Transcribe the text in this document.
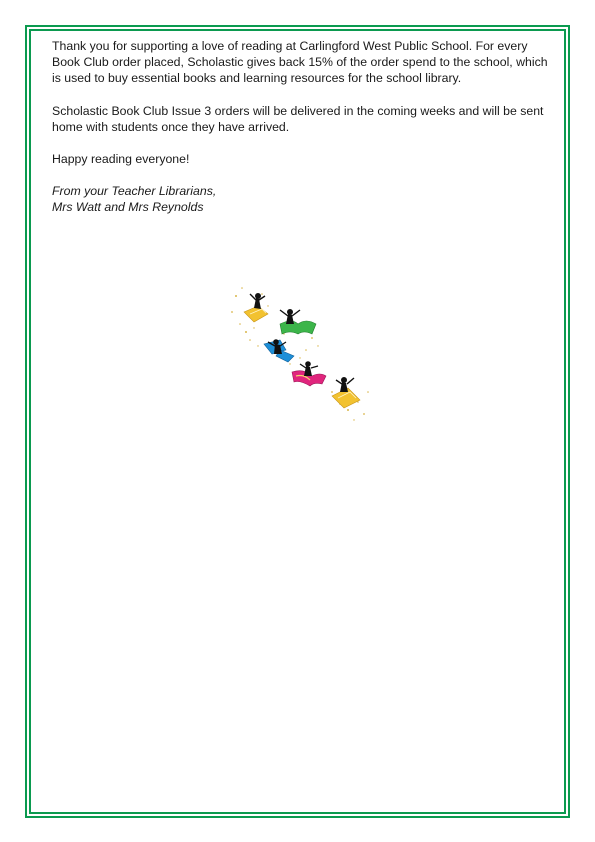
Thank you for supporting a love of reading at Carlingford West Public School. For every Book Club order placed, Scholastic gives back 15% of the order spend to the school, which is used to buy essential books and learning resources for the school library.

Scholastic Book Club Issue 3 orders will be delivered in the coming weeks and will be sent home with students once they have arrived.

Happy reading everyone!

From your Teacher Librarians,

Mrs Watt and Mrs Reynolds
